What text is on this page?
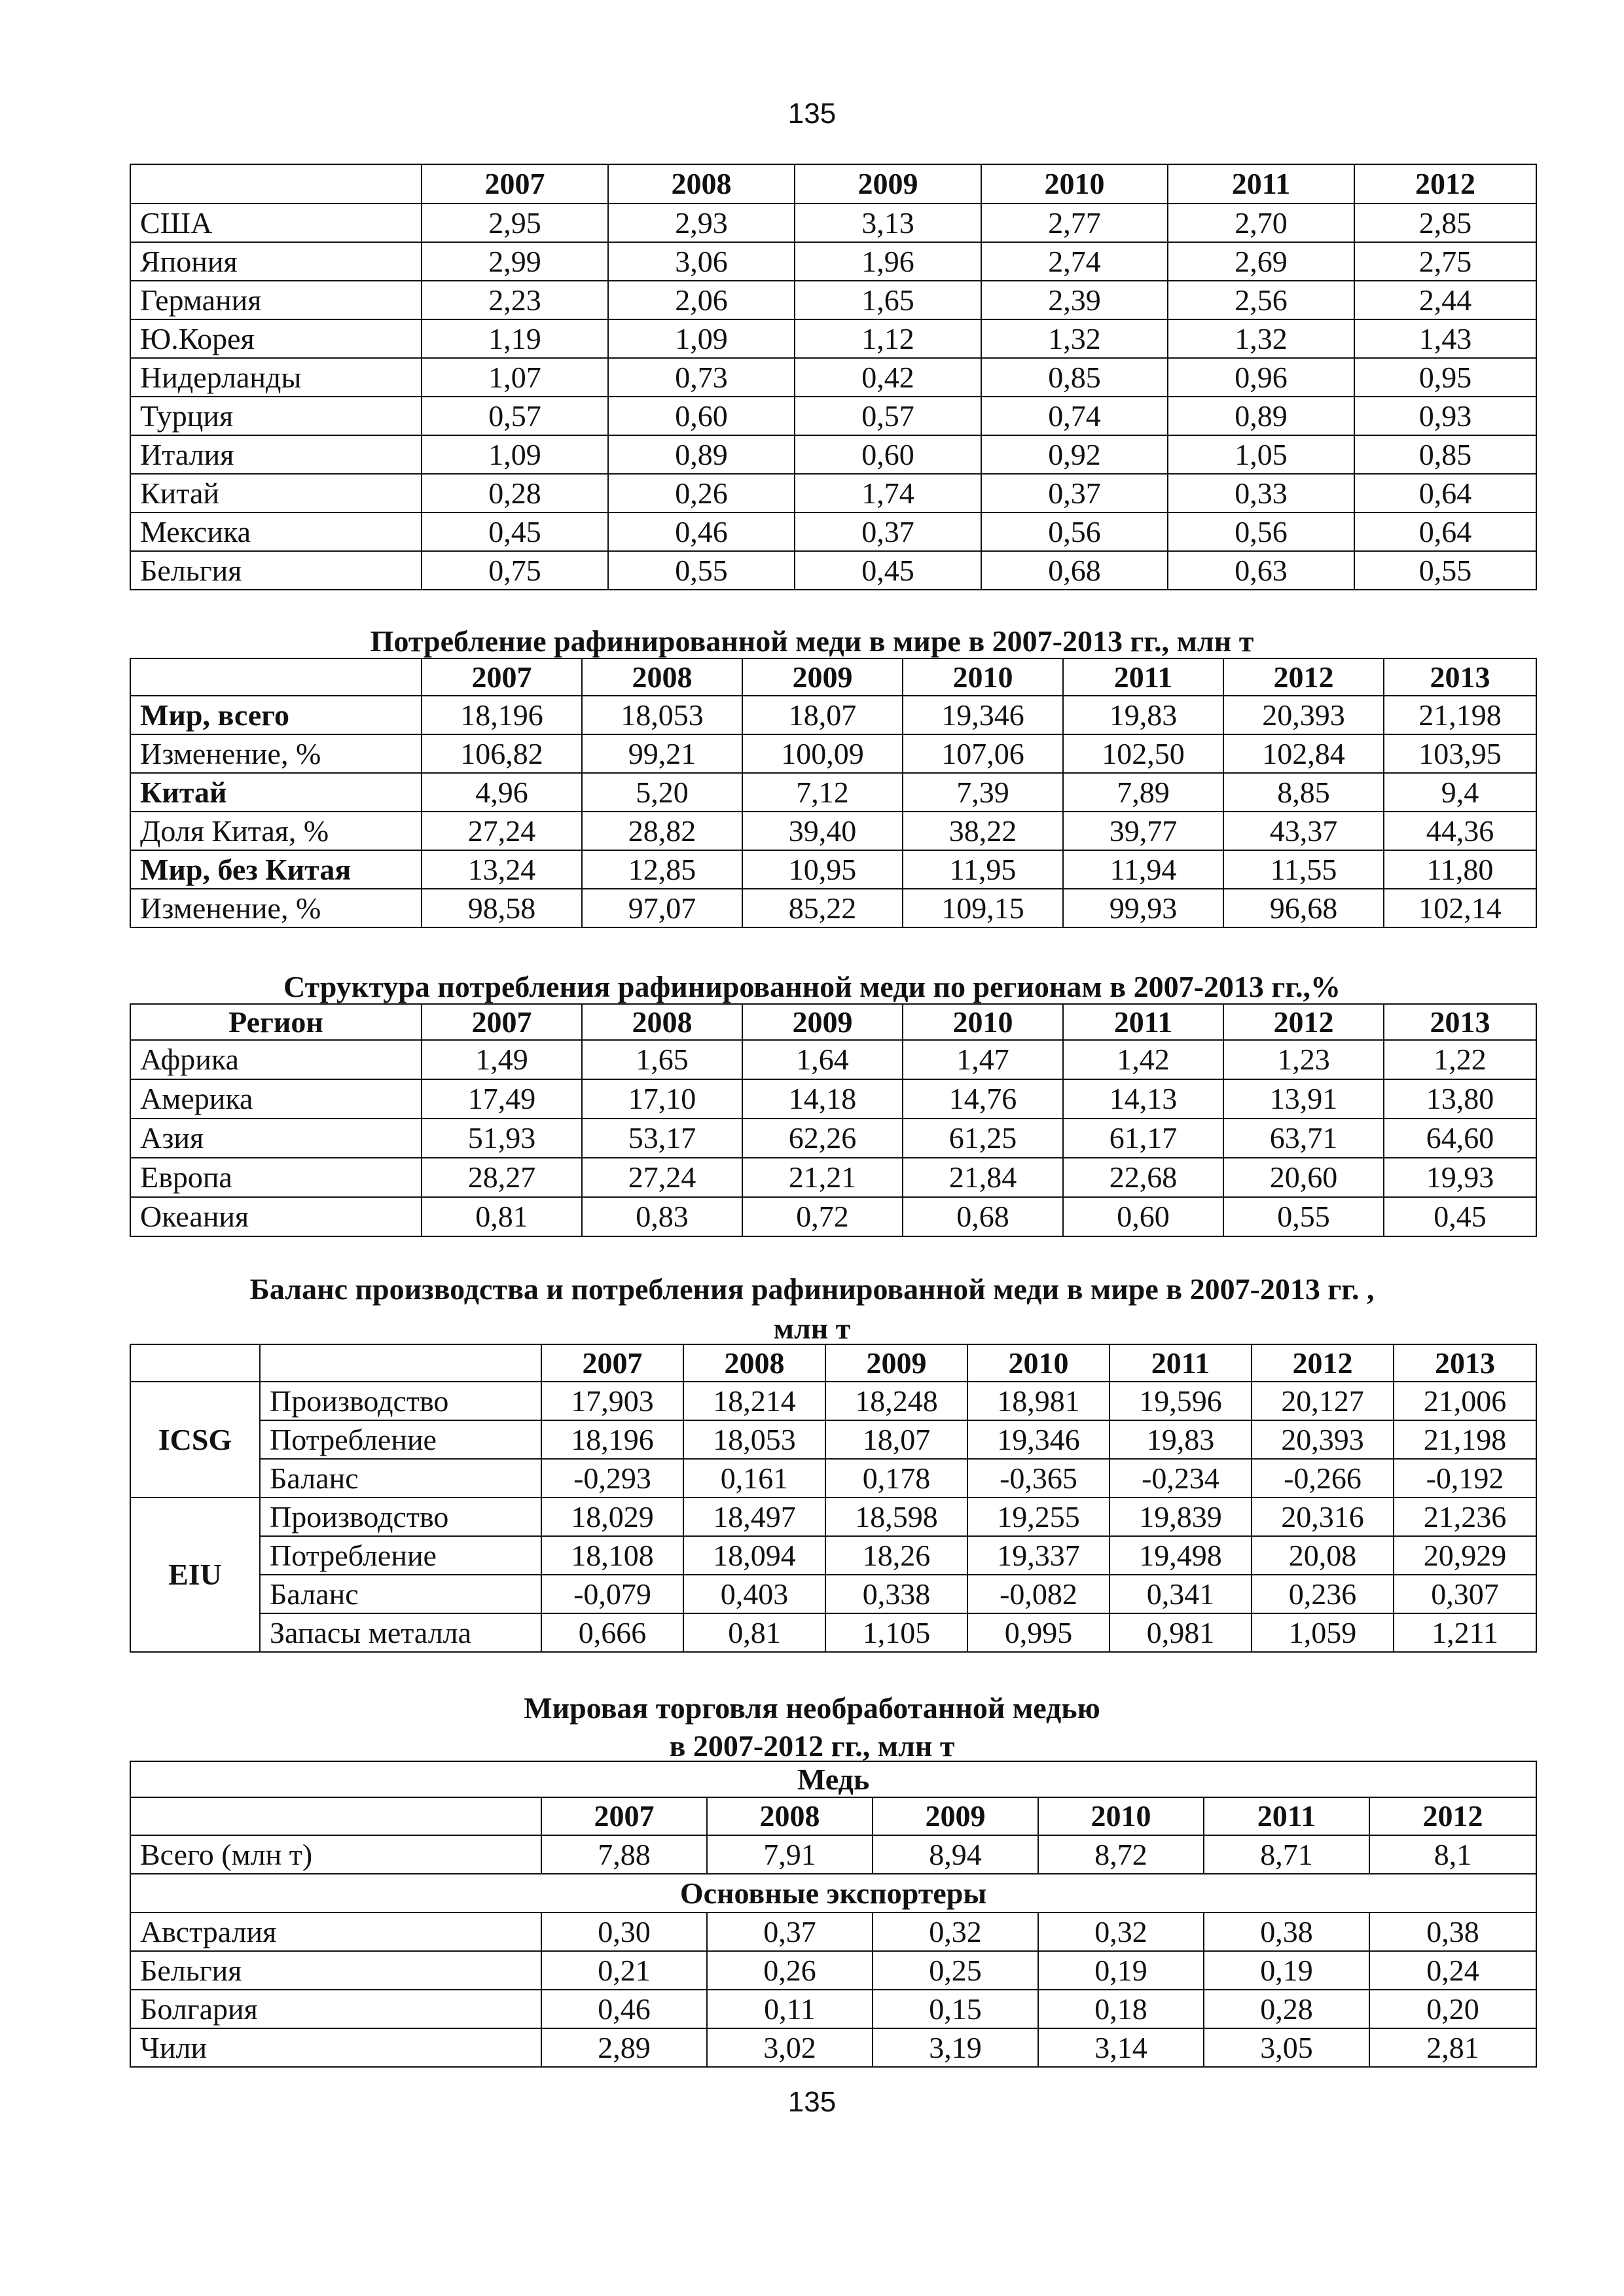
135
	2007	2008	2009	2010	2011	2012
США	2,95	2,93	3,13	2,77	2,70	2,85
Япония	2,99	3,06	1,96	2,74	2,69	2,75
Германия	2,23	2,06	1,65	2,39	2,56	2,44
Ю.Корея	1,19	1,09	1,12	1,32	1,32	1,43
Нидерланды	1,07	0,73	0,42	0,85	0,96	0,95
Турция	0,57	0,60	0,57	0,74	0,89	0,93
Италия	1,09	0,89	0,60	0,92	1,05	0,85
Китай	0,28	0,26	1,74	0,37	0,33	0,64
Мексика	0,45	0,46	0,37	0,56	0,56	0,64
Бельгия	0,75	0,55	0,45	0,68	0,63	0,55
Потребление рафинированной меди в мире в 2007-2013 гг., млн т
	2007	2008	2009	2010	2011	2012	2013
Мир, всего	18,196	18,053	18,07	19,346	19,83	20,393	21,198
Изменение, %	106,82	99,21	100,09	107,06	102,50	102,84	103,95
Китай	4,96	5,20	7,12	7,39	7,89	8,85	9,4
Доля Китая, %	27,24	28,82	39,40	38,22	39,77	43,37	44,36
Мир, без Китая	13,24	12,85	10,95	11,95	11,94	11,55	11,80
Изменение, %	98,58	97,07	85,22	109,15	99,93	96,68	102,14
Структура потребления рафинированной меди по регионам в 2007-2013 гг.,%
Регион	2007	2008	2009	2010	2011	2012	2013
Африка	1,49	1,65	1,64	1,47	1,42	1,23	1,22
Америка	17,49	17,10	14,18	14,76	14,13	13,91	13,80
Азия	51,93	53,17	62,26	61,25	61,17	63,71	64,60
Европа	28,27	27,24	21,21	21,84	22,68	20,60	19,93
Океания	0,81	0,83	0,72	0,68	0,60	0,55	0,45
Баланс производства и потребления рафинированной меди в мире в 2007-2013 гг. ,
млн т
		2007	2008	2009	2010	2011	2012	2013
ICSG	Производство	17,903	18,214	18,248	18,981	19,596	20,127	21,006
	Потребление	18,196	18,053	18,07	19,346	19,83	20,393	21,198
	Баланс	-0,293	0,161	0,178	-0,365	-0,234	-0,266	-0,192
EIU	Производство	18,029	18,497	18,598	19,255	19,839	20,316	21,236
	Потребление	18,108	18,094	18,26	19,337	19,498	20,08	20,929
	Баланс	-0,079	0,403	0,338	-0,082	0,341	0,236	0,307
	Запасы металла	0,666	0,81	1,105	0,995	0,981	1,059	1,211
Мировая торговля необработанной медью
в 2007-2012 гг., млн т
Медь						
	2007	2008	2009	2010	2011	2012
Всего (млн т)	7,88	7,91	8,94	8,72	8,71	8,1
Основные экспортеры						
Австралия	0,30	0,37	0,32	0,32	0,38	0,38
Бельгия	0,21	0,26	0,25	0,19	0,19	0,24
Болгария	0,46	0,11	0,15	0,18	0,28	0,20
Чили	2,89	3,02	3,19	3,14	3,05	2,81
135
